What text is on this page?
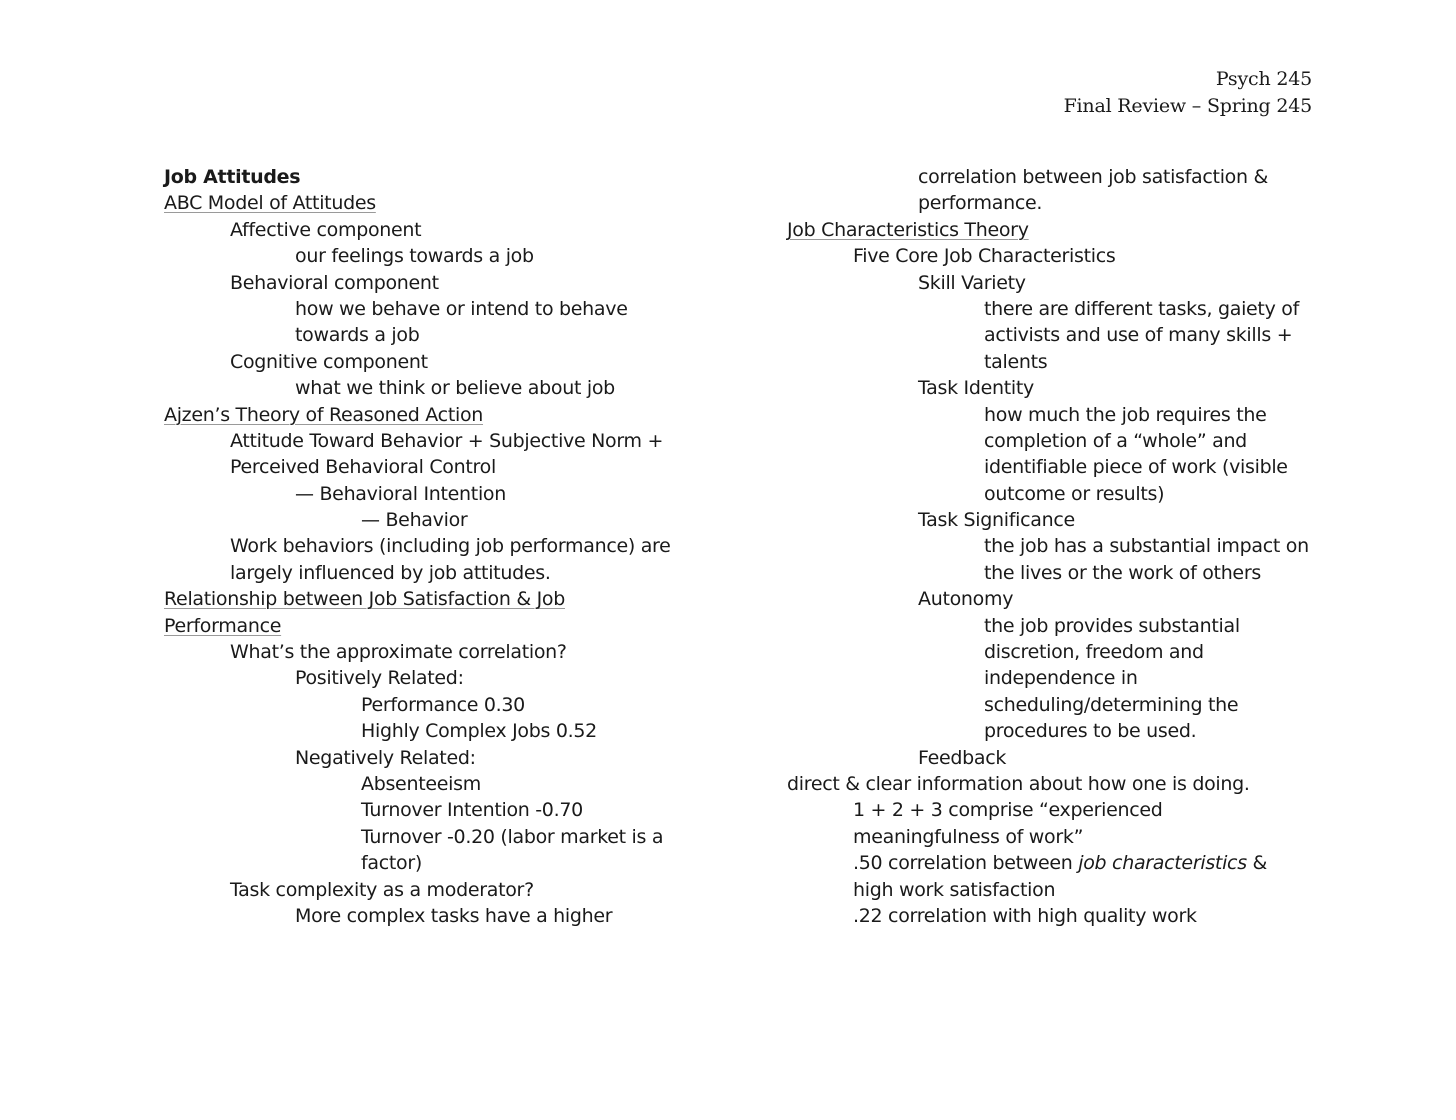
Psych 245
Final Review – Spring 245
Job Attitudes
ABC Model of Attitudes
Affective component
our feelings towards a job
Behavioral component
how we behave or intend to behave
towards a job
Cognitive component
what we think or believe about job
Ajzen’s Theory of Reasoned Action
Attitude Toward Behavior + Subjective Norm +
Perceived Behavioral Control
— Behavioral Intention
— Behavior
Work behaviors (including job performance) are
largely influenced by job attitudes.
Relationship between Job Satisfaction & Job
Performance
What’s the approximate correlation?
Positively Related:
Performance 0.30
Highly Complex Jobs 0.52
Negatively Related:
Absenteeism
Turnover Intention -0.70
Turnover -0.20 (labor market is a
factor)
Task complexity as a moderator?
More complex tasks have a higher
correlation between job satisfaction &
performance.
Job Characteristics Theory
Five Core Job Characteristics
Skill Variety
there are different tasks, gaiety of
activists and use of many skills +
talents
Task Identity
how much the job requires the
completion of a “whole” and
identifiable piece of work (visible
outcome or results)
Task Significance
the job has a substantial impact on
the lives or the work of others
Autonomy
the job provides substantial
discretion, freedom and
independence in
scheduling/determining the
procedures to be used.
Feedback
direct & clear information about how one is doing.
1 + 2 + 3 comprise “experienced
meaningfulness of work”
.50 correlation between job characteristics &
high work satisfaction
.22 correlation with high quality work
